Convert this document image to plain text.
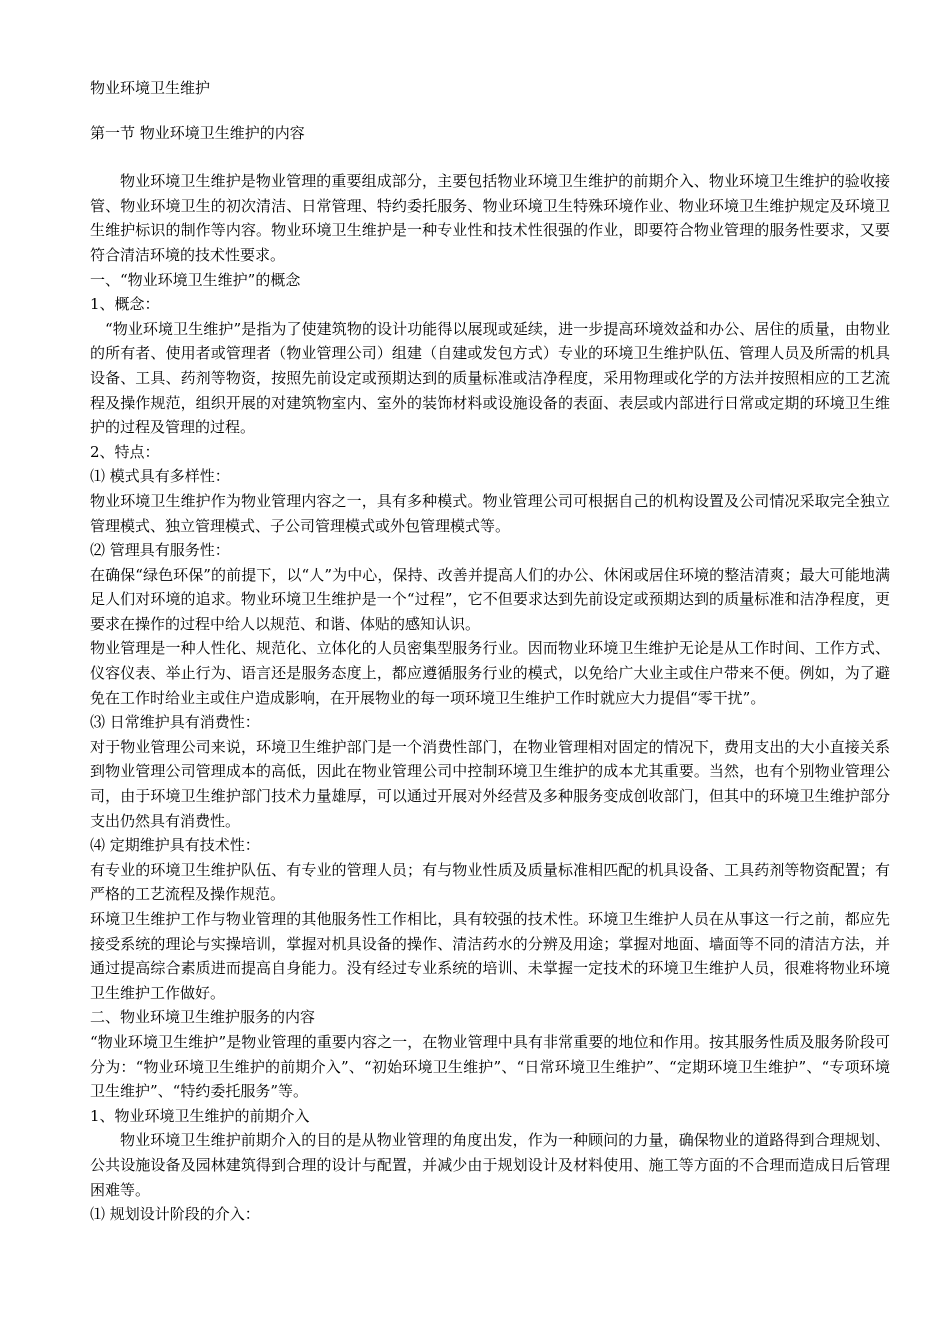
物业环境卫生维护

第一节 物业环境卫生维护的内容

物业环境卫生维护是物业管理的重要组成部分，主要包括物业环境卫生维护的前期介入、物业环境卫生维护的验收接管、物业环境卫生的初次清洁、日常管理、特约委托服务、物业环境卫生特殊环境作业、物业环境卫生维护规定及环境卫生维护标识的制作等内容。物业环境卫生维护是一种专业性和技术性很强的作业，即要符合物业管理的服务性要求，又要符合清洁环境的技术性要求。

一、“物业环境卫生维护”的概念

1、概念：

“物业环境卫生维护”是指为了使建筑物的设计功能得以展现或延续，进一步提高环境效益和办公、居住的质量，由物业的所有者、使用者或管理者（物业管理公司）组建（自建或发包方式）专业的环境卫生维护队伍、管理人员及所需的机具设备、工具、药剂等物资，按照先前设定或预期达到的质量标准或洁净程度，采用物理或化学的方法并按照相应的工艺流程及操作规范，组织开展的对建筑物室内、室外的装饰材料或设施设备的表面、表层或内部进行日常或定期的环境卫生维护的过程及管理的过程。

2、特点：

⑴ 模式具有多样性：

物业环境卫生维护作为物业管理内容之一，具有多种模式。物业管理公司可根据自己的机构设置及公司情况采取完全独立管理模式、独立管理模式、子公司管理模式或外包管理模式等。

⑵ 管理具有服务性：

在确保“绿色环保”的前提下，以“人”为中心，保持、改善并提高人们的办公、休闲或居住环境的整洁清爽；最大可能地满足人们对环境的追求。物业环境卫生维护是一个“过程”，它不但要求达到先前设定或预期达到的质量标准和洁净程度，更要求在操作的过程中给人以规范、和谐、体贴的感知认识。

物业管理是一种人性化、规范化、立体化的人员密集型服务行业。因而物业环境卫生维护无论是从工作时间、工作方式、仪容仪表、举止行为、语言还是服务态度上，都应遵循服务行业的模式，以免给广大业主或住户带来不便。例如，为了避免在工作时给业主或住户造成影响，在开展物业的每一项环境卫生维护工作时就应大力提倡“零干扰”。

⑶ 日常维护具有消费性：

对于物业管理公司来说，环境卫生维护部门是一个消费性部门，在物业管理相对固定的情况下，费用支出的大小直接关系到物业管理公司管理成本的高低，因此在物业管理公司中控制环境卫生维护的成本尤其重要。当然，也有个别物业管理公司，由于环境卫生维护部门技术力量雄厚，可以通过开展对外经营及多种服务变成创收部门，但其中的环境卫生维护部分支出仍然具有消费性。

⑷ 定期维护具有技术性：

有专业的环境卫生维护队伍、有专业的管理人员；有与物业性质及质量标准相匹配的机具设备、工具药剂等物资配置；有严格的工艺流程及操作规范。

环境卫生维护工作与物业管理的其他服务性工作相比，具有较强的技术性。环境卫生维护人员在从事这一行之前，都应先接受系统的理论与实操培训，掌握对机具设备的操作、清洁药水的分辨及用途；掌握对地面、墙面等不同的清洁方法，并通过提高综合素质进而提高自身能力。没有经过专业系统的培训、未掌握一定技术的环境卫生维护人员，很难将物业环境卫生维护工作做好。

二、物业环境卫生维护服务的内容

“物业环境卫生维护”是物业管理的重要内容之一，在物业管理中具有非常重要的地位和作用。按其服务性质及服务阶段可分为：“物业环境卫生维护的前期介入”、“初始环境卫生维护”、“日常环境卫生维护”、“定期环境卫生维护”、“专项环境卫生维护”、“特约委托服务”等。

1、物业环境卫生维护的前期介入

物业环境卫生维护前期介入的目的是从物业管理的角度出发，作为一种顾问的力量，确保物业的道路得到合理规划、公共设施设备及园林建筑得到合理的设计与配置，并减少由于规划设计及材料使用、施工等方面的不合理而造成日后管理困难等。

⑴ 规划设计阶段的介入：
